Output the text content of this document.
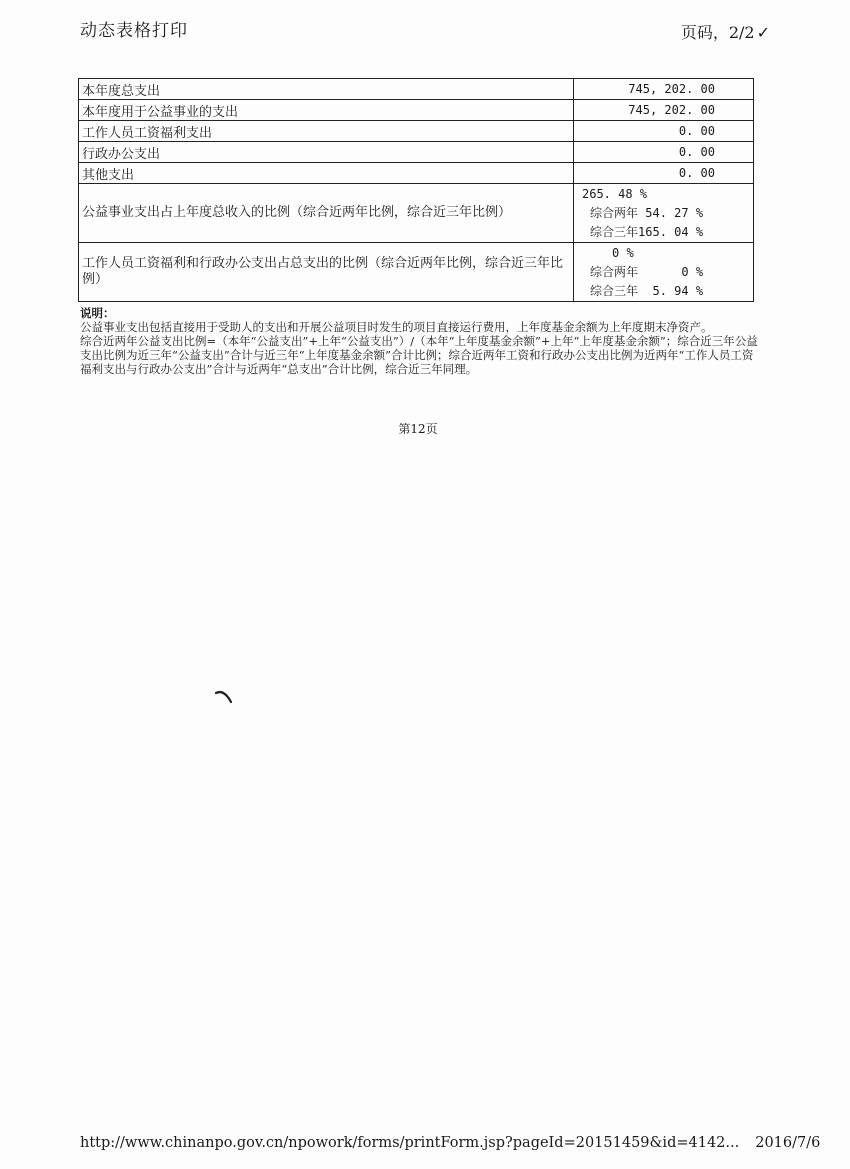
动态表格打印	页码，2/2 ✓
本年度总支出	745, 202. 00
本年度用于公益事业的支出	745, 202. 00
工作人员工资福利支出	0. 00
行政办公支出	0. 00
其他支出	0. 00
公益事业支出占上年度总收入的比例（综合近两年比例，综合近三年比例）	265. 48 %
综合两年 54. 27 %
综合三年165. 04 %

工作人员工资福利和行政办公支出占总支出的比例（综合近两年比例，综合近三年比例）	0 %
综合两年      0 %
综合三年  5. 94 %

说明：

公益事业支出包括直接用于受助人的支出和开展公益项目时发生的项目直接运行费用，上年度基金余额为上年度期末净资产。

综合近两年公益支出比例=（本年“公益支出”+上年“公益支出”）/（本年“上年度基金余额”+上年“上年度基金余额”；综合近三年公益支出比例为近三年“公益支出”合计与近三年“上年度基金余额”合计比例；综合近两年工资和行政办公支出比例为近两年“工作人员工资福利支出与行政办公支出”合计与近两年“总支出”合计比例，综合近三年同理。

第12页
http://www.chinanpo.gov.cn/npowork/forms/printForm.jsp?pageId=20151459&id=4142... 2016/7/6
